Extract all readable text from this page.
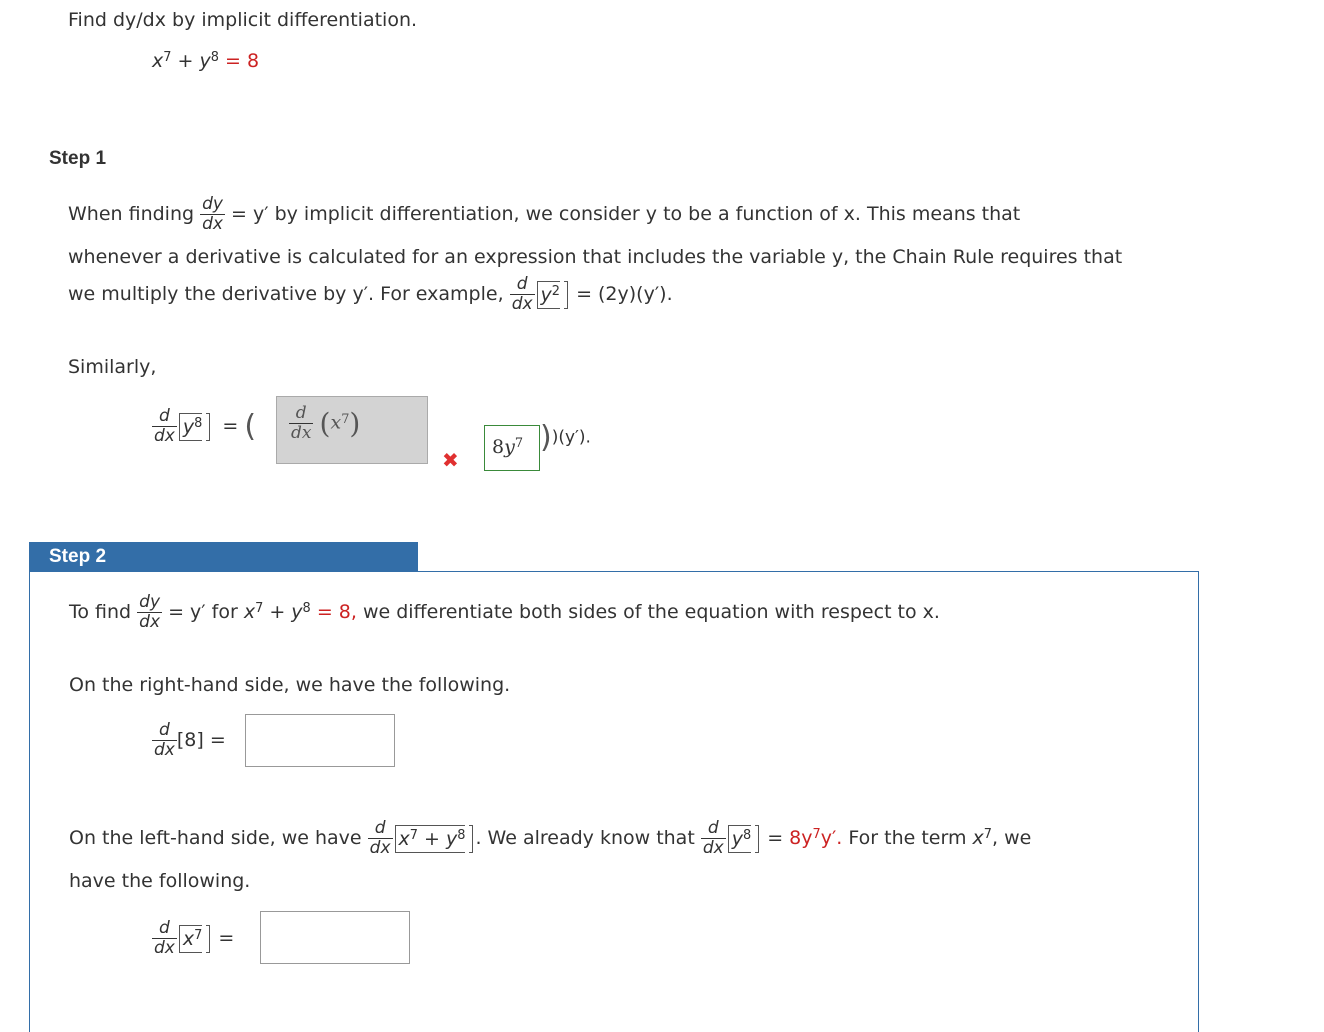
Find dy/dx by implicit differentiation.
$x^7 + y^8 = 8$
Step 1
When finding $\frac{dy}{dx} = y'$ by implicit differentiation, we consider y to be a function of x. This means that
whenever a derivative is calculated for an expression that includes the variable y, the Chain Rule requires that
we multiply the derivative by y′. For example, $\frac{d}{dx} y^2 = (2y)(y')$.
Similarly,
$\frac{d}{dx} y^8$ = ( $\frac{d}{dx} (x^7)$
✖
$8y^7$ ))(y′).
Step 2
To find $\frac{dy}{dx} = y'$ for $x^7 + y^8 = 8$, we differentiate both sides of the equation with respect to x.
On the right-hand side, we have the following.
$\frac{d}{dx} [8]$ =
On the left-hand side, we have $\frac{d}{dx} x^7 + y^8$ . We already know that $\frac{d}{dx} y^8 = 8y^7y'$. For the term $x^7$, we
have the following.
$\frac{d}{dx} x^7$ =
